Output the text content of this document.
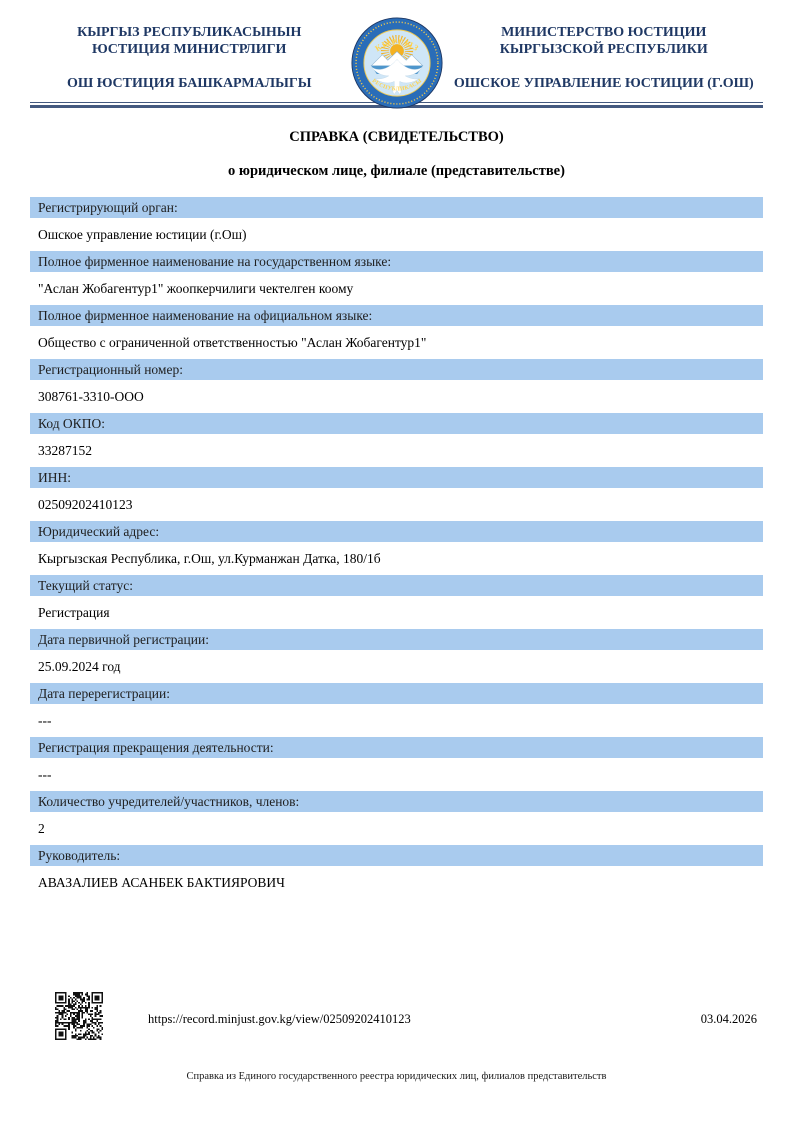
КЫРГЫЗ РЕСПУБЛИКАСЫНЫН
ЮСТИЦИЯ МИНИСТРЛИГИ
ОШ ЮСТИЦИЯ БАШКАРМАЛЫГЫ
КЫРГЫЗ
РЕСПУБЛИКАСЫ
МИНИСТЕРСТВО ЮСТИЦИИ
КЫРГЫЗСКОЙ РЕСПУБЛИКИ
ОШСКОЕ УПРАВЛЕНИЕ ЮСТИЦИИ (Г.ОШ)
СПРАВКА (СВИДЕТЕЛЬСТВО)
о юридическом лице, филиале (представительстве)
Регистрирующий орган:
Ошское управление юстиции (г.Ош)
Полное фирменное наименование на государственном языке:
"Аслан Жобагентур1" жоопкерчилиги чектелген коому
Полное фирменное наименование на официальном языке:
Общество с ограниченной ответственностью "Аслан Жобагентур1"
Регистрационный номер:
308761-3310-ООО
Код ОКПО:
33287152
ИНН:
02509202410123
Юридический адрес:
Кыргызская Республика, г.Ош, ул.Курманжан Датка, 180/1б
Текущий статус:
Регистрация
Дата первичной регистрации:
25.09.2024 год
Дата перерегистрации:
---
Регистрация прекращения деятельности:
---
Количество учредителей/участников, членов:
2
Руководитель:
АВАЗАЛИЕВ АСАНБЕК БАКТИЯРОВИЧ
https://record.minjust.gov.kg/view/02509202410123	03.04.2026
Справка из Единого государственного реестра юридических лиц, филиалов представительств
